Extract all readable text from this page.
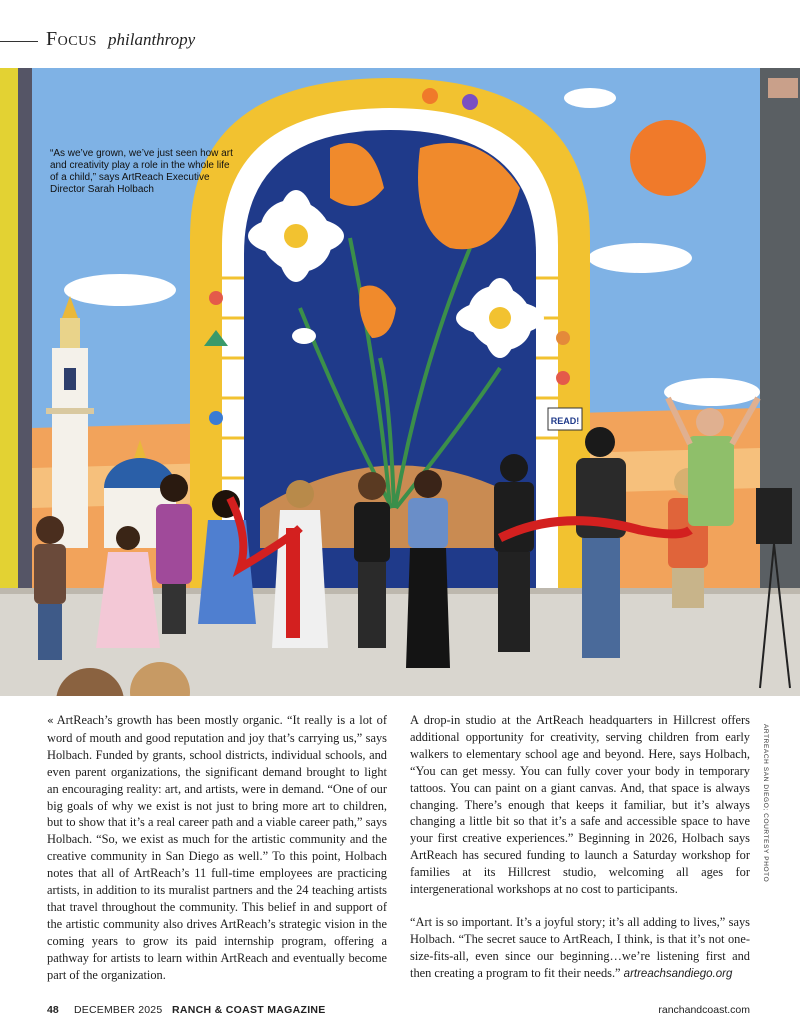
Focus philanthropy
READ!
“As we’ve grown, we’ve just seen how art and creativity play a role in the whole life of a child,” says ArtReach Executive Director Sarah Holbach
ARTREACH SAN DIEGO; COURTESY PHOTO

« ArtReach’s growth has been mostly organic. “It really is a lot of word of mouth and good reputation and joy that’s carrying us,” says Holbach. Funded by grants, school districts, individual schools, and even parent organizations, the significant demand brought to light an encouraging reality: art, and artists, were in demand. “One of our big goals of why we exist is not just to bring more art to children, but to show that it’s a real career path and a viable career path,” says Holbach. “So, we exist as much for the artistic community and the creative community in San Diego as well.” To this point, Holbach notes that all of ArtReach’s 11 full-time employees are practicing artists, in addition to its muralist partners and the 24 teaching artists that travel throughout the community. This belief in and support of the artistic community also drives ArtReach’s strategic vision in the coming years to grow its paid internship program, offering a pathway for artists to learn within ArtReach and eventually become part of the organization.

A drop-in studio at the ArtReach headquarters in Hillcrest offers additional opportunity for creativity, serving children from early walkers to elementary school age and beyond. Here, says Holbach, “You can get messy. You can fully cover your body in temporary tattoos. You can paint on a giant canvas. And, that space is always changing. There’s enough that keeps it familiar, but it’s always changing a little bit so that it’s a safe and accessible space to have your first creative experiences.” Beginning in 2026, Holbach says ArtReach has secured funding to launch a Saturday workshop for families at its Hillcrest studio, welcoming all ages for intergenerational workshops at no cost to participants.

“Art is so important. It’s a joyful story; it’s all adding to lives,” says Holbach. “The secret sauce to ArtReach, I think, is that it’s not one-size-fits-all, even since our beginning…we’re listening first and then creating a program to fit their needs.” artreachsandiego.org

48 DECEMBER 2025 RANCH & COAST MAGAZINE	ranchandcoast.com
